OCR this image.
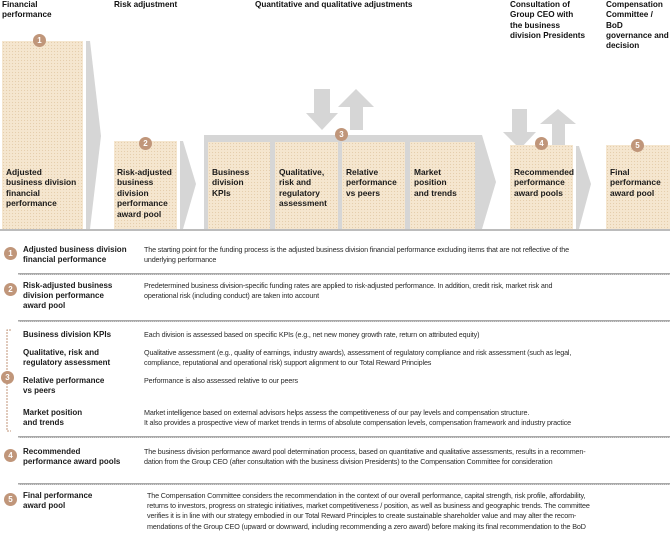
Financial
performance
Risk adjustment	Quantitative and qualitative adjustments	Consultation of
Group CEO with
the business
division Presidents
Compensation
Committee / BoD
governance and
decision
Adjusted
business division
financial
performance
Risk-adjusted
business
division
performance
award pool
Business
division
KPIs
Qualitative,
risk and
regulatory
assessment
Relative
performance
vs peers
Market
position
and trends
Recommended
performance
award pools
Final
performance
award pool
1
2
3
4	5
1	Adjusted business division
financial performance
The starting point for the funding process is the adjusted business division financial performance excluding items that are not reflective of the
underlying performance
2	Risk-adjusted business
division performance
award pool
Predetermined business division-specific funding rates are applied to risk-adjusted performance. In addition, credit risk, market risk and
operational risk (including conduct) are taken into account
3
Business division KPIs	Each division is assessed based on specific KPIs (e.g., net new money growth rate, return on attributed equity)
Qualitative, risk and
regulatory assessment
Qualitative assessment (e.g., quality of earnings, industry awards), assessment of regulatory compliance and risk assessment (such as legal,
compliance, reputational and operational risk) support alignment to our Total Reward Principles
Relative performance
vs peers
Performance is also assessed relative to our peers
Market position
and trends
Market intelligence based on external advisors helps assess the competitiveness of our pay levels and compensation structure.
It also provides a prospective view of market trends in terms of absolute compensation levels, compensation framework and industry practice
4	Recommended
performance award pools
The business division performance award pool determination process, based on quantitative and qualitative assessments, results in a recommen-
dation from the Group CEO (after consultation with the business division Presidents) to the Compensation Committee for consideration
5	Final performance
award pool
The Compensation Committee considers the recommendation in the context of our overall performance, capital strength, risk profile, affordability,
returns to investors, progress on strategic initiatives, market competitiveness / position, as well as business and geographic trends. The committee
verifies it is in line with our strategy embodied in our Total Reward Principles to create sustainable shareholder value and may alter the recom-
mendations of the Group CEO (upward or downward, including recommending a zero award) before making its final recommendation to the BoD
